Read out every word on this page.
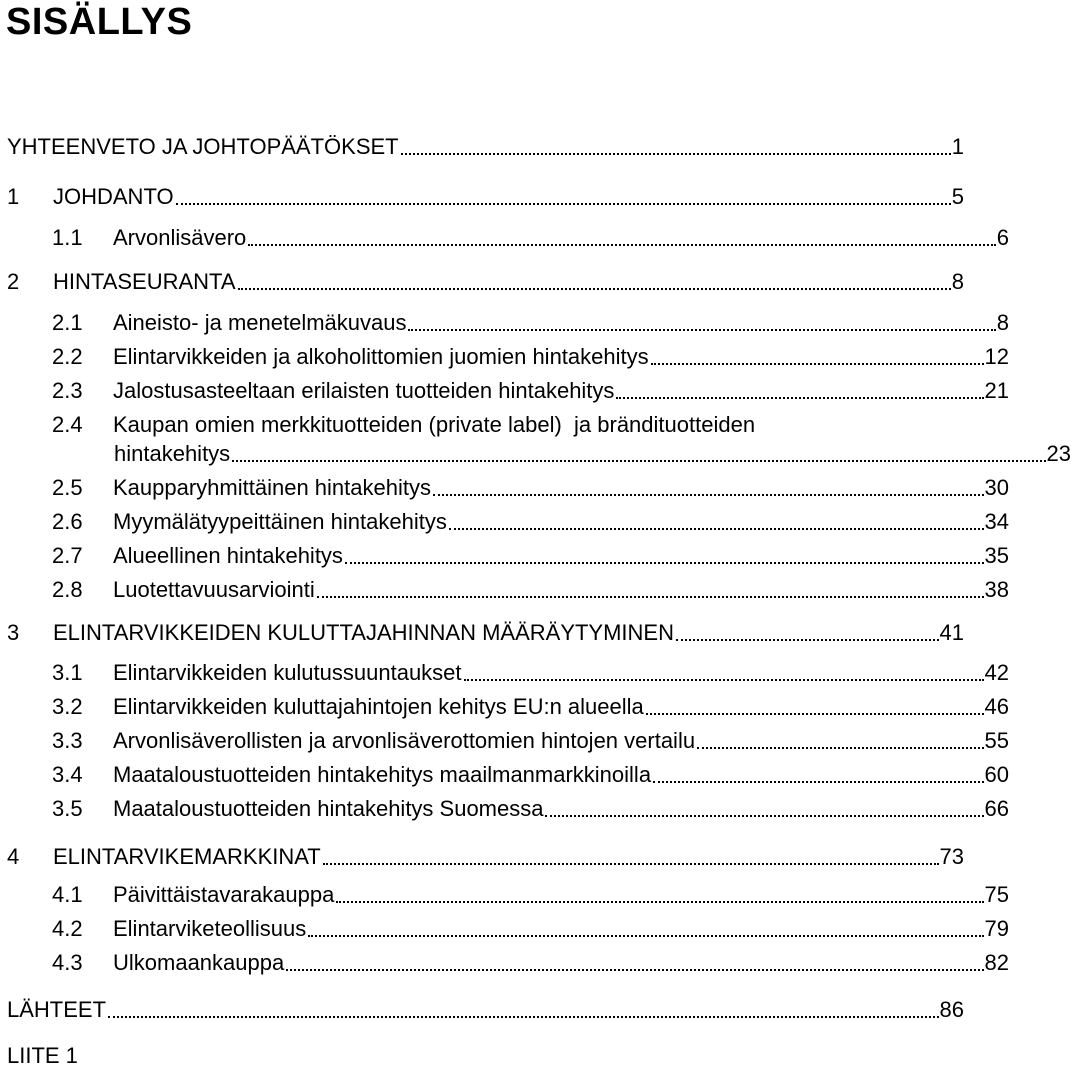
SISÄLLYS
YHTEENVETO JA JOHTOPÄÄTÖKSET	1
1	JOHDANTO	5
1.1	Arvonlisävero	6
2	HINTASEURANTA	8
2.1	Aineisto- ja menetelmäkuvaus	8
2.2	Elintarvikkeiden ja alkoholittomien juomien hintakehitys	12
2.3	Jalostusasteeltaan erilaisten tuotteiden hintakehitys	21
2.4	Kaupan omien merkkituotteiden (private label)  ja brändituotteiden
hintakehitys	23
2.5	Kaupparyhmittäinen hintakehitys	30
2.6	Myymälätyypeittäinen hintakehitys	34
2.7	Alueellinen hintakehitys	35
2.8	Luotettavuusarviointi	38
3	ELINTARVIKKEIDEN KULUTTAJAHINNAN MÄÄRÄYTYMINEN	41
3.1	Elintarvikkeiden kulutussuuntaukset	42
3.2	Elintarvikkeiden kuluttajahintojen kehitys EU:n alueella	46
3.3	Arvonlisäverollisten ja arvonlisäverottomien hintojen vertailu	55
3.4	Maataloustuotteiden hintakehitys maailmanmarkkinoilla	60
3.5	Maataloustuotteiden hintakehitys Suomessa	66
4	ELINTARVIKEMARKKINAT	73
4.1	Päivittäistavarakauppa	75
4.2	Elintarviketeollisuus	79
4.3	Ulkomaankauppa	82
LÄHTEET	86
LIITE 1
